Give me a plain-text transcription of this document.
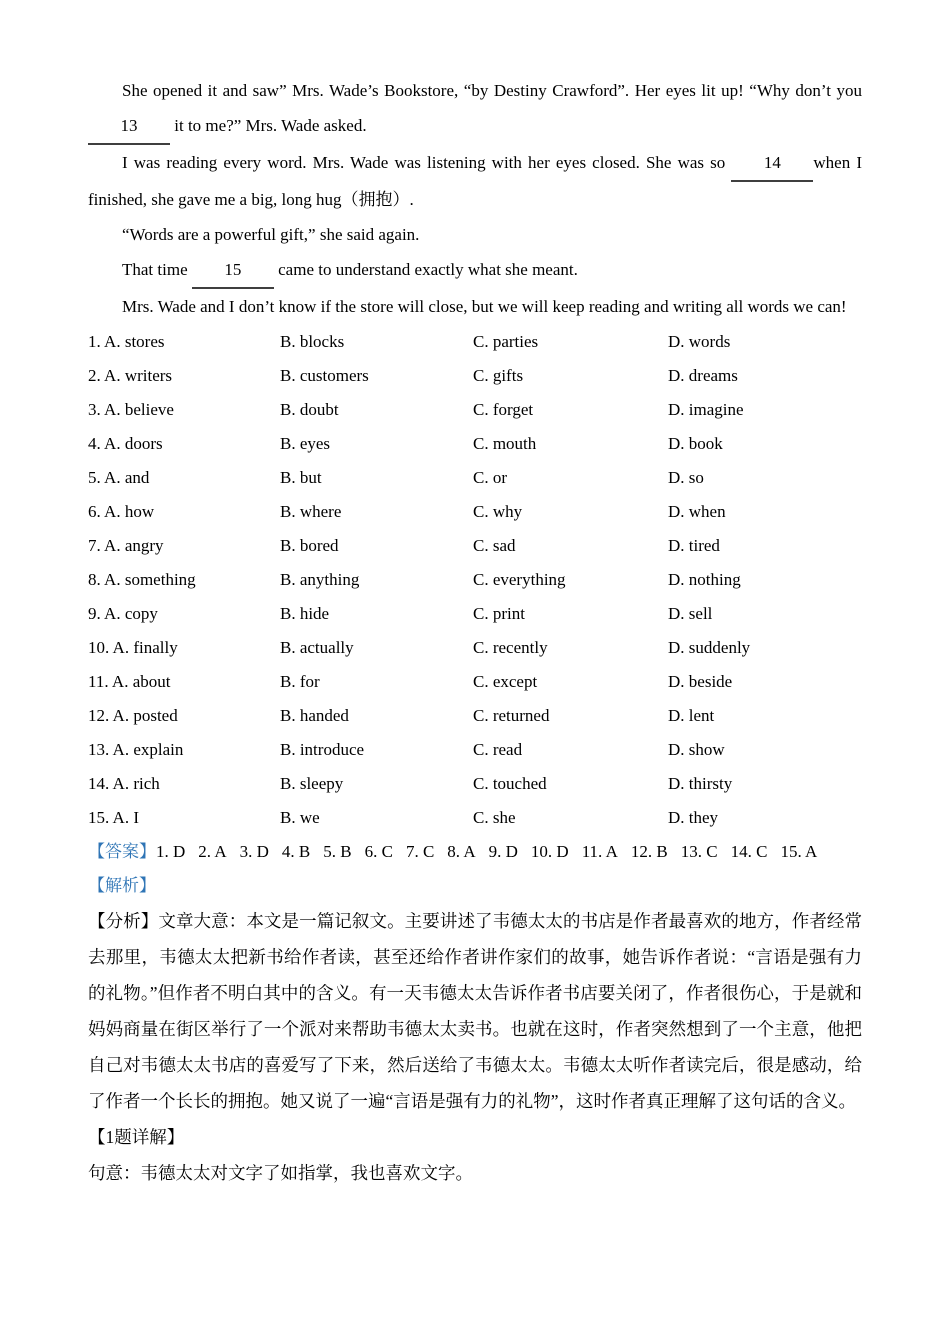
She opened it and saw” Mrs. Wade’s Bookstore, “by Destiny Crawford”. Her eyes lit up! “Why don’t you 13 it to me?” Mrs. Wade asked.

I was reading every word. Mrs. Wade was listening with her eyes closed. She was so 14 when I finished, she gave me a big, long hug（拥抱）.

“Words are a powerful gift,” she said again.

That time 15 came to understand exactly what she meant.

Mrs. Wade and I don’t know if the store will close, but we will keep reading and writing all words we can!

1. A. stores	B. blocks	C. parties	D. words
2. A. writers	B. customers	C. gifts	D. dreams
3. A. believe	B. doubt	C. forget	D. imagine
4. A. doors	B. eyes	C. mouth	D. book
5. A. and	B. but	C. or	D. so
6. A. how	B. where	C. why	D. when
7. A. angry	B. bored	C. sad	D. tired
8. A. something	B. anything	C. everything	D. nothing
9. A. copy	B. hide	C. print	D. sell
10. A. finally	B. actually	C. recently	D. suddenly
11. A. about	B. for	C. except	D. beside
12. A. posted	B. handed	C. returned	D. lent
13. A. explain	B. introduce	C. read	D. show
14. A. rich	B. sleepy	C. touched	D. thirsty
15. A. I	B. we	C. she	D. they

【答案】1. D 2. A 3. D 4. B 5. B 6. C 7. C 8. A 9. D 10. D 11. A 12. B 13. C 14. C 15. A

【解析】

【分析】文章大意：本文是一篇记叙文。主要讲述了韦德太太的书店是作者最喜欢的地方，作者经常去那里，韦德太太把新书给作者读，甚至还给作者讲作家们的故事，她告诉作者说：“言语是强有力的礼物。”但作者不明白其中的含义。有一天韦德太太告诉作者书店要关闭了，作者很伤心，于是就和妈妈商量在街区举行了一个派对来帮助韦德太太卖书。也就在这时，作者突然想到了一个主意，他把自己对韦德太太书店的喜爱写了下来，然后送给了韦德太太。韦德太太听作者读完后，很是感动，给了作者一个长长的拥抱。她又说了一遍“言语是强有力的礼物”，这时作者真正理解了这句话的含义。

【1题详解】

句意：韦德太太对文字了如指掌，我也喜欢文字。
